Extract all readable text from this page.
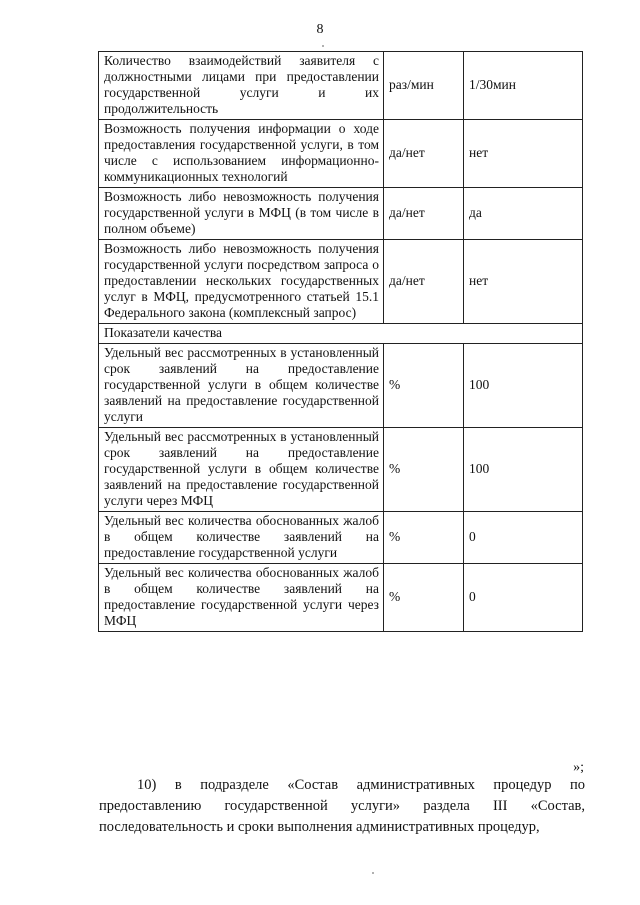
8
Количество взаимодействий заявителя с должностными лицами при предоставлении государственной услуги и их продолжительность	раз/мин	1/30мин
Возможность получения информации о ходе предоставления государственной услуги, в том числе с использованием информационно-коммуникационных технологий	да/нет	нет
Возможность либо невозможность получения государственной услуги в МФЦ (в том числе в полном объеме)	да/нет	да
Возможность либо невозможность получения государственной услуги посредством запроса о предоставлении нескольких государственных услуг в МФЦ, предусмотренного статьей 15.1 Федерального закона (комплексный запрос)	да/нет	нет
Показатели качества		
Удельный вес рассмотренных в установленный срок заявлений на предоставление государственной услуги в общем количестве заявлений на предоставление государственной услуги	%	100
Удельный вес рассмотренных в установленный срок заявлений на предоставление государственной услуги в общем количестве заявлений на предоставление государственной услуги через МФЦ	%	100
Удельный вес количества обоснованных жалоб в общем количестве заявлений на предоставление государственной услуги	%	0
Удельный вес количества обоснованных жалоб в общем количестве заявлений на предоставление государственной услуги через МФЦ	%	0
»;
10) в подразделе «Состав административных процедур по предоставлению государственной услуги» раздела III «Состав, последовательность и сроки выполнения административных процедур,
